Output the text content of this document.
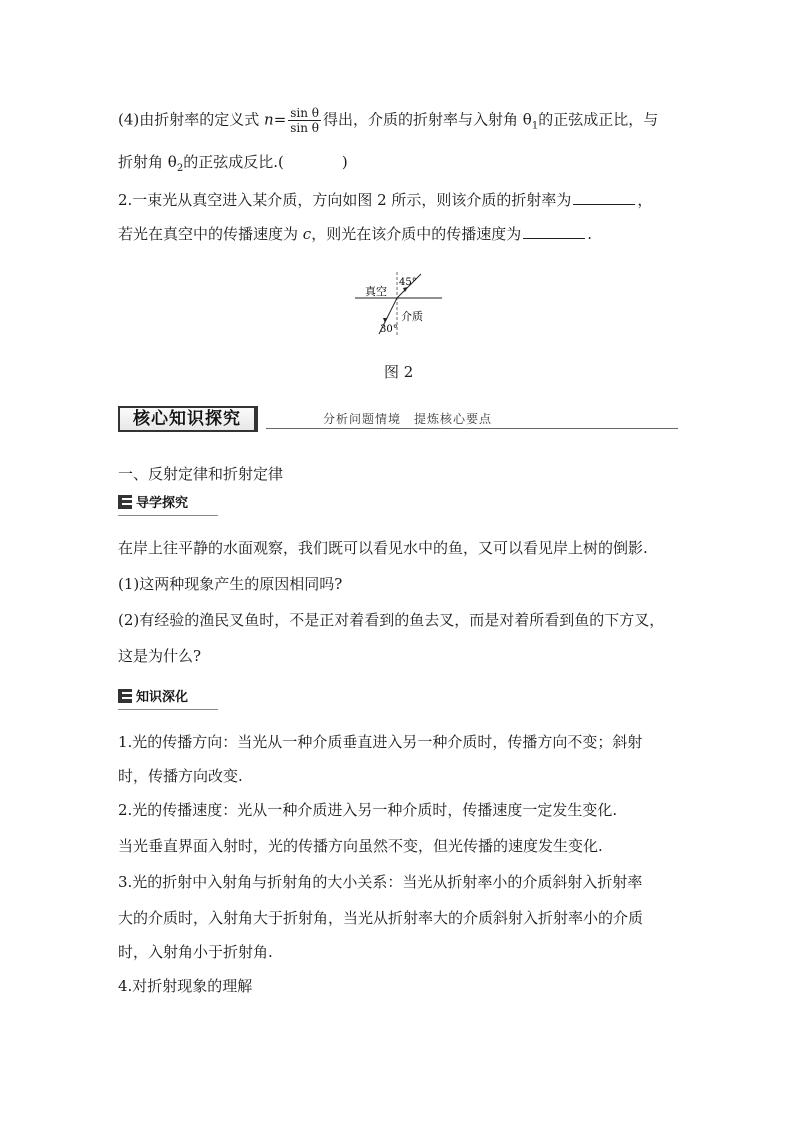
(4)由折射率的定义式 $n= \frac{\text{sin θ}}{\text{sin θ}}$ 得出，介质的折射率与入射角 $\theta_1$的正弦成正比，与
折射角 $\theta_2$的正弦成反比.(	)
2.一束光从真空进入某介质，方向如图 2 所示，则该介质的折射率为	，
若光在真空中的传播速度为 c，则光在该介质中的传播速度为	.
真空
介质
45°
30°
图 2
核心知识探究	分析问题情境　提炼核心要点
一、反射定律和折射定律
导学探究
在岸上往平静的水面观察，我们既可以看见水中的鱼，又可以看见岸上树的倒影.
(1)这两种现象产生的原因相同吗?
(2)有经验的渔民叉鱼时，不是正对着看到的鱼去叉，而是对着所看到鱼的下方叉，
这是为什么?
知识深化
1.光的传播方向：当光从一种介质垂直进入另一种介质时，传播方向不变；斜射
时，传播方向改变.
2.光的传播速度：光从一种介质进入另一种介质时，传播速度一定发生变化.
当光垂直界面入射时，光的传播方向虽然不变，但光传播的速度发生变化.
3.光的折射中入射角与折射角的大小关系：当光从折射率小的介质斜射入折射率
大的介质时，入射角大于折射角，当光从折射率大的介质斜射入折射率小的介质
时，入射角小于折射角.
4.对折射现象的理解
